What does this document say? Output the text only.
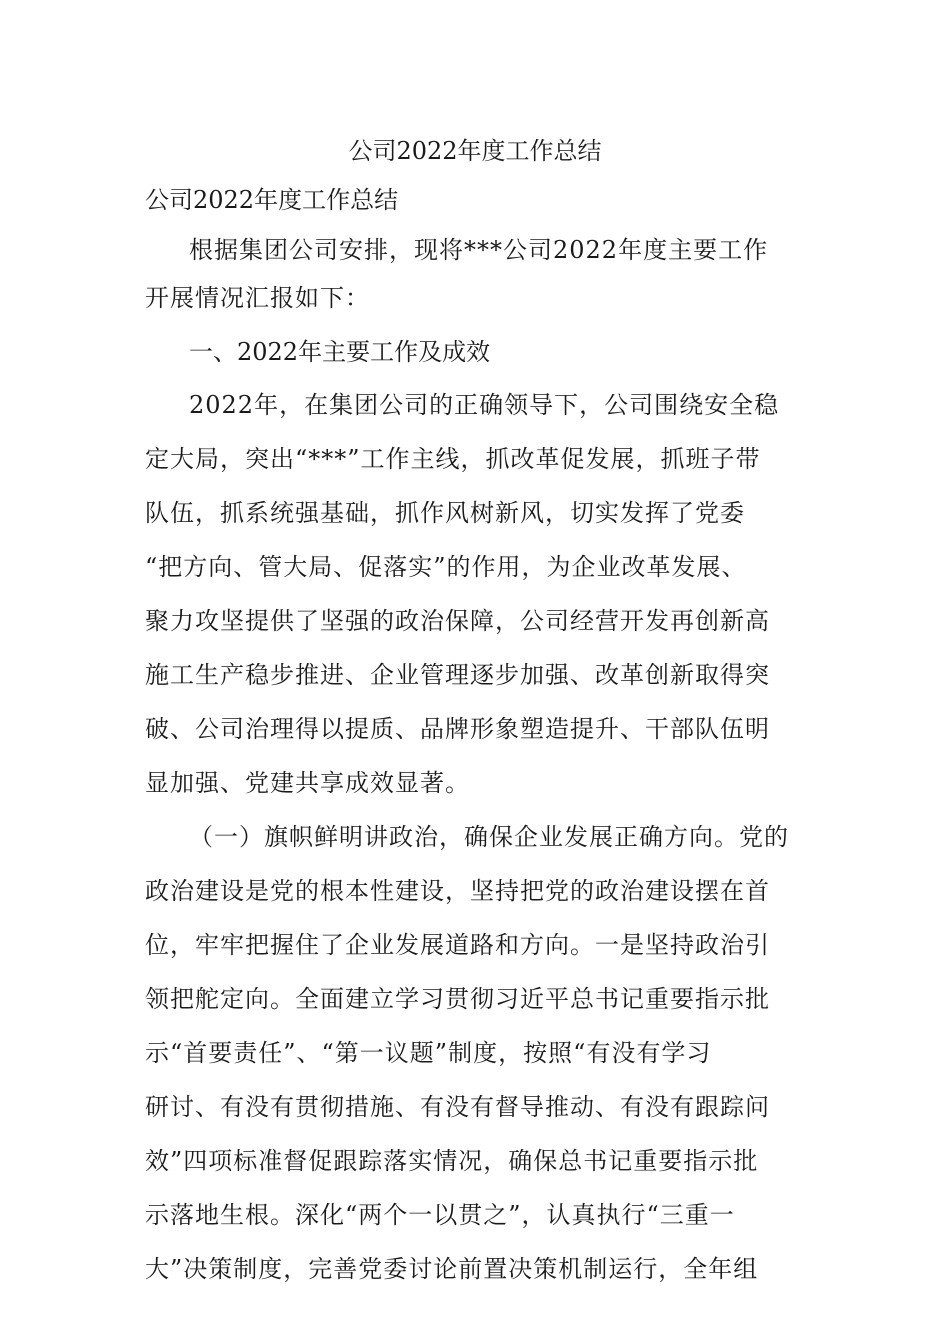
公司2022年度工作总结

公司2022年度工作总结

根据集团公司安排，现将***公司2022年度主要工作
开展情况汇报如下：

一、2022年主要工作及成效

2022年，在集团公司的正确领导下，公司围绕安全稳
定大局，突出“***”工作主线，抓改革促发展，抓班子带
队伍，抓系统强基础，抓作风树新风，切实发挥了党委
“把方向、管大局、促落实”的作用，为企业改革发展、
聚力攻坚提供了坚强的政治保障，公司经营开发再创新高
施工生产稳步推进、企业管理逐步加强、改革创新取得突
破、公司治理得以提质、品牌形象塑造提升、干部队伍明
显加强、党建共享成效显著。

（一）旗帜鲜明讲政治，确保企业发展正确方向。党的
政治建设是党的根本性建设，坚持把党的政治建设摆在首
位，牢牢把握住了企业发展道路和方向。一是坚持政治引
领把舵定向。全面建立学习贯彻习近平总书记重要指示批
示“首要责任”、“第一议题”制度，按照“有没有学习
研讨、有没有贯彻措施、有没有督导推动、有没有跟踪问
效”四项标准督促跟踪落实情况，确保总书记重要指示批
示落地生根。深化“两个一以贯之”，认真执行“三重一
大”决策制度，完善党委讨论前置决策机制运行，全年组
